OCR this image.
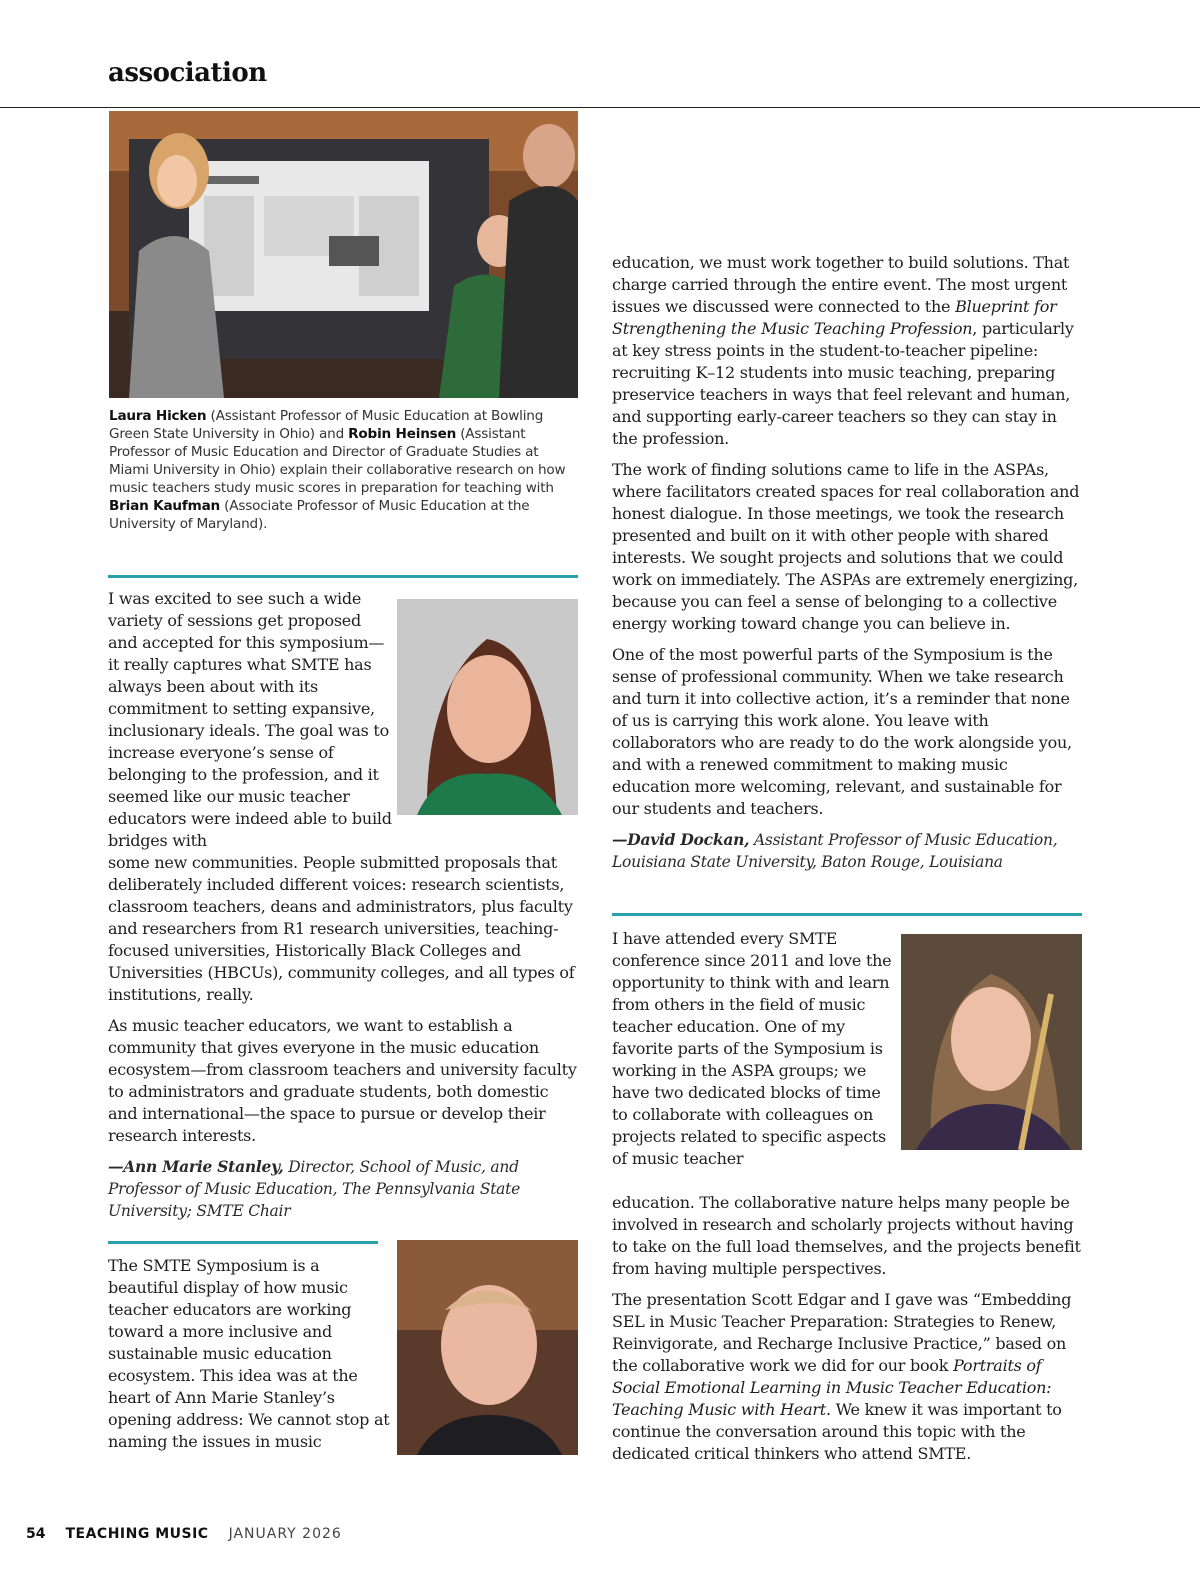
association
Laura Hicken (Assistant Professor of Music Education at Bowling Green State University in Ohio) and Robin Heinsen (Assistant Professor of Music Education and Director of Graduate Studies at Miami University in Ohio) explain their collaborative research on how music teachers study music scores in preparation for teaching with Brian Kaufman (Associate Professor of Music Education at the University of Maryland).

I was excited to see such a wide variety of sessions get proposed and accepted for this symposium—it really captures what SMTE has always been about with its commitment to setting expansive, inclusionary ideals. The goal was to increase everyone’s sense of belonging to the profession, and it seemed like our music teacher educators were indeed able to build bridges with

some new communities. People submitted proposals that deliberately included different voices: research scientists, classroom teachers, deans and administrators, plus faculty and researchers from R1 research universities, teaching-focused universities, Historically Black Colleges and Universities (HBCUs), community colleges, and all types of institutions, really.

As music teacher educators, we want to establish a community that gives everyone in the music education ecosystem—from classroom teachers and university faculty to administrators and graduate students, both domestic and international—the space to pursue or develop their research interests.

—Ann Marie Stanley, Director, School of Music, and Professor of Music Education, The Pennsylvania State University; SMTE Chair

The SMTE Symposium is a beautiful display of how music teacher educators are working toward a more inclusive and sustainable music education ecosystem. This idea was at the heart of Ann Marie Stanley’s opening address: We cannot stop at naming the issues in music

education, we must work together to build solutions. That charge carried through the entire event. The most urgent issues we discussed were connected to the Blueprint for Strengthening the Music Teaching Profession, particularly at key stress points in the student-to-teacher pipeline: recruiting K–12 students into music teaching, preparing preservice teachers in ways that feel relevant and human, and supporting early-career teachers so they can stay in the profession.

The work of finding solutions came to life in the ASPAs, where facilitators created spaces for real collaboration and honest dialogue. In those meetings, we took the research presented and built on it with other people with shared interests. We sought projects and solutions that we could work on immediately. The ASPAs are extremely energizing, because you can feel a sense of belonging to a collective energy working toward change you can believe in.

One of the most powerful parts of the Symposium is the sense of professional community. When we take research and turn it into collective action, it’s a reminder that none of us is carrying this work alone. You leave with collaborators who are ready to do the work alongside you, and with a renewed commitment to making music education more welcoming, relevant, and sustainable for our students and teachers.

—David Dockan, Assistant Professor of Music Education, Louisiana State University, Baton Rouge, Louisiana

I have attended every SMTE conference since 2011 and love the opportunity to think with and learn from others in the field of music teacher education. One of my favorite parts of the Symposium is working in the ASPA groups; we have two dedicated blocks of time to collaborate with colleagues on projects related to specific aspects of music teacher

education. The collaborative nature helps many people be involved in research and scholarly projects without having to take on the full load themselves, and the projects benefit from having multiple perspectives.

The presentation Scott Edgar and I gave was “Embedding SEL in Music Teacher Preparation: Strategies to Renew, Reinvigorate, and Recharge Inclusive Practice,” based on the collaborative work we did for our book Portraits of Social Emotional Learning in Music Teacher Education: Teaching Music with Heart. We knew it was important to continue the conversation around this topic with the dedicated critical thinkers who attend SMTE.

54 TEACHING MUSIC JANUARY 2026
